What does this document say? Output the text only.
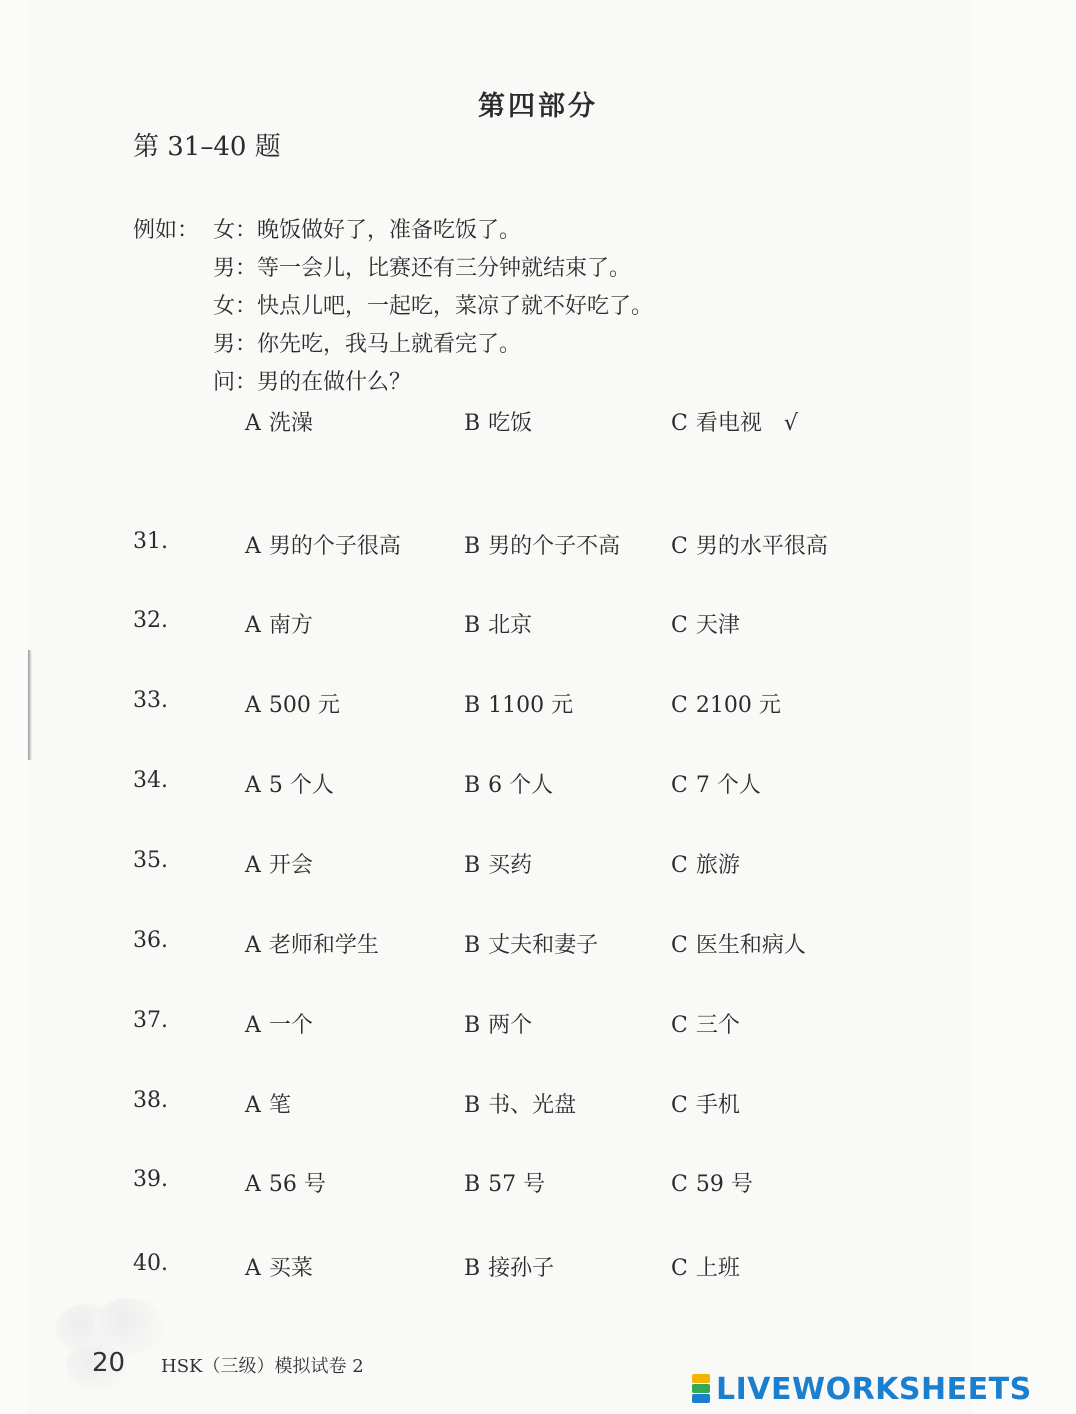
第四部分
第 31–40 题
例如： 女：晚饭做好了，准备吃饭了。
男：等一会儿，比赛还有三分钟就结束了。
女：快点儿吧，一起吃，菜凉了就不好吃了。
男：你先吃，我马上就看完了。
问：男的在做什么？
A 洗澡	B 吃饭	C 看电视 √
31.	A 男的个子很高	B 男的个子不高 C 男的水平很高
32.	A 南方	B 北京	C 天津
33.	A 500 元	B 1100 元	C 2100 元
34.	A 5 个人	B 6 个人	C 7 个人
35.	A 开会	B 买药	C 旅游
36.	A 老师和学生	B 丈夫和妻子	C 医生和病人
37.	A 一个	B 两个	C 三个
38.	A 笔	B 书、光盘	C 手机
39.	A 56 号	B 57 号	C 59 号
40.	A 买菜	B 接孙子	C 上班
20 HSK（三级）模拟试卷 2
LIVEWORKSHEETS
